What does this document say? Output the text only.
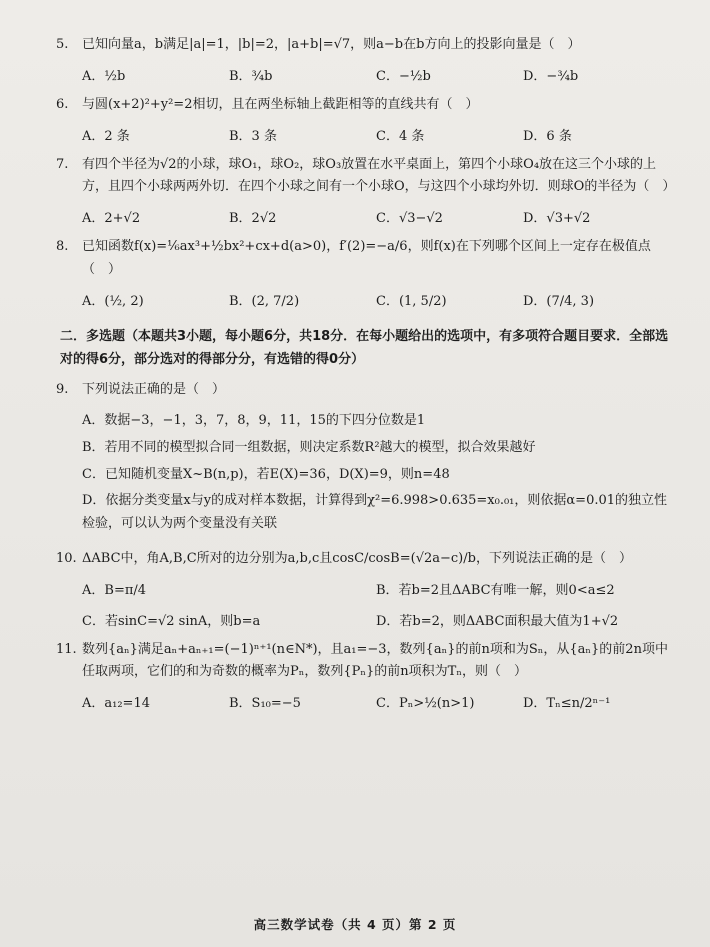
5. 已知向量a，b满足|a|=1，|b|=2，|a+b|=√7，则a−b在b方向上的投影向量是（　）
A．½b	B．¾b	C．−½b	D．−¾b
6. 与圆(x+2)²+y²=2相切，且在两坐标轴上截距相等的直线共有（　）
A．2 条	B．3 条	C．4 条	D．6 条
7. 有四个半径为√2的小球，球O₁，球O₂，球O₃放置在水平桌面上，第四个小球O₄放在这三个小球的上方，且四个小球两两外切．在四个小球之间有一个小球O，与这四个小球均外切．则球O的半径为（　）
A．2+√2	B．2√2	C．√3−√2	D．√3+√2
8. 已知函数f(x)=⅙ax³+½bx²+cx+d(a>0)，f′(2)=−a/6，则f(x)在下列哪个区间上一定存在极值点（　）
A．(½, 2)	B．(2, 7/2)	C．(1, 5/2)	D．(7/4, 3)
二．多选题（本题共3小题，每小题6分，共18分．在每小题给出的选项中，有多项符合题目要求．全部选对的得6分，部分选对的得部分分，有选错的得0分）
9. 下列说法正确的是（　）
A．数据−3，−1，3，7，8，9，11，15的下四分位数是1
B．若用不同的模型拟合同一组数据，则决定系数R²越大的模型，拟合效果越好
C．已知随机变量X~B(n,p)，若E(X)=36，D(X)=9，则n=48
D．依据分类变量x与y的成对样本数据，计算得到χ²=6.998>0.635=x₀.₀₁，则依据α=0.01的独立性检验，可以认为两个变量没有关联
10. ΔABC中，角A,B,C所对的边分别为a,b,c且cosC/cosB=(√2a−c)/b，下列说法正确的是（　）
A．B=π/4	B．若b=2且ΔABC有唯一解，则0<a≤2
C．若sinC=√2 sinA，则b=a	D．若b=2，则ΔABC面积最大值为1+√2
11. 数列{aₙ}满足aₙ+aₙ₊₁=(−1)ⁿ⁺¹(n∈N*)，且a₁=−3，数列{aₙ}的前n项和为Sₙ，从{aₙ}的前2n项中任取两项，它们的和为奇数的概率为Pₙ，数列{Pₙ}的前n项积为Tₙ，则（　）
A．a₁₂=14	B．S₁₀=−5	C．Pₙ>½(n>1)	D．Tₙ≤n/2ⁿ⁻¹
高三数学试卷（共 4 页）第 2 页
